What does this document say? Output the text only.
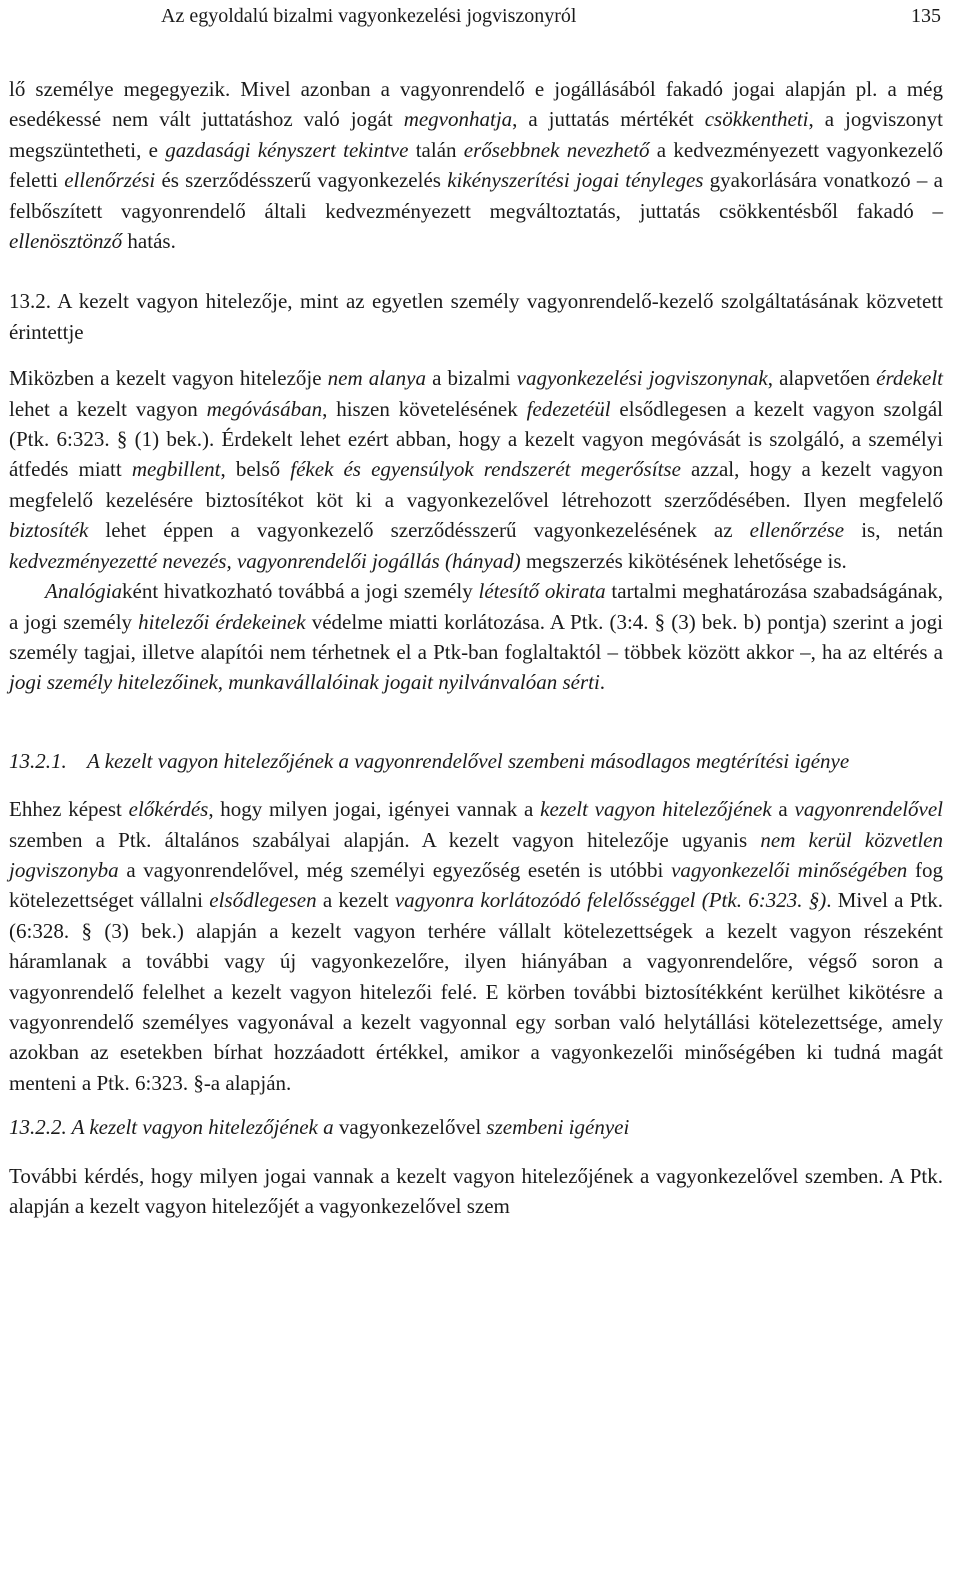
Az egyoldalú bizalmi vagyonkezelési jogviszonyról	135

lő személye megegyezik. Mivel azonban a vagyonrendelő e jogállásából fakadó jogai alapján pl. a még esedékessé nem vált juttatáshoz való jogát megvonhatja, a juttatás mértékét csökkentheti, a jogviszonyt megszüntetheti, e gazdasági kényszert tekintve talán erősebbnek nevezhető a kedvezményezett vagyonkezelő feletti ellenőrzési és szerződésszerű vagyonkezelés kikényszerítési jogai tényleges gyakorlására vonatkozó – a felbőszített vagyonrendelő általi kedvezményezett megváltoztatás, juttatás csökkentésből fakadó – ellenösztönző hatás.

13.2. A kezelt vagyon hitelezője, mint az egyetlen személy vagyonrendelő-kezelő szolgáltatásának közvetett érintettje

Miközben a kezelt vagyon hitelezője nem alanya a bizalmi vagyonkezelési jogviszonynak, alapvetően érdekelt lehet a kezelt vagyon megóvásában, hiszen követelésének fedezetéül elsődlegesen a kezelt vagyon szolgál (Ptk. 6:323. § (1) bek.). Érdekelt lehet ezért abban, hogy a kezelt vagyon megóvását is szolgáló, a személyi átfedés miatt megbillent, belső fékek és egyensúlyok rendszerét megerősítse azzal, hogy a kezelt vagyon megfelelő kezelésére biztosítékot köt ki a vagyonkezelővel létrehozott szerződésében. Ilyen megfelelő biztosíték lehet éppen a vagyonkezelő szerződésszerű vagyonkezelésének az ellenőrzése is, netán kedvezményezetté nevezés, vagyonrendelői jogállás (hányad) megszerzés kikötésének lehetősége is.

Analógiaként hivatkozható továbbá a jogi személy létesítő okirata tartalmi meghatározása szabadságának, a jogi személy hitelezői érdekeinek védelme miatti korlátozása. A Ptk. (3:4. § (3) bek. b) pontja) szerint a jogi személy tagjai, illetve alapítói nem térhetnek el a Ptk-ban foglaltaktól – többek között akkor –, ha az eltérés a jogi személy hitelezőinek, munkavállalóinak jogait nyilvánvalóan sérti.

13.2.1. A kezelt vagyon hitelezőjének a vagyonrendelővel szembeni másodlagos megtérítési igénye

Ehhez képest előkérdés, hogy milyen jogai, igényei vannak a kezelt vagyon hitelezőjének a vagyonrendelővel szemben a Ptk. általános szabályai alapján. A kezelt vagyon hitelezője ugyanis nem kerül közvetlen jogviszonyba a vagyonrendelővel, még személyi egyezőség esetén is utóbbi vagyonkezelői minőségében fog kötelezettséget vállalni elsődlegesen a kezelt vagyonra korlátozódó felelősséggel (Ptk. 6:323. §). Mivel a Ptk. (6:328. § (3) bek.) alapján a kezelt vagyon terhére vállalt kötelezettségek a kezelt vagyon részeként háramlanak a további vagy új vagyonkezelőre, ilyen hiányában a vagyonrendelőre, végső soron a vagyonrendelő felelhet a kezelt vagyon hitelezői felé. E körben további biztosítékként kerülhet kikötésre a vagyonrendelő személyes vagyonával a kezelt vagyonnal egy sorban való helytállási kötelezettsége, amely azokban az esetekben bírhat hozzáadott értékkel, amikor a vagyonkezelői minőségében ki tudná magát menteni a Ptk. 6:323. §-a alapján.

13.2.2. A kezelt vagyon hitelezőjének a vagyonkezelővel szembeni igényei

További kérdés, hogy milyen jogai vannak a kezelt vagyon hitelezőjének a vagyonkezelővel szemben. A Ptk. alapján a kezelt vagyon hitelezőjét a vagyonkezelővel szem
